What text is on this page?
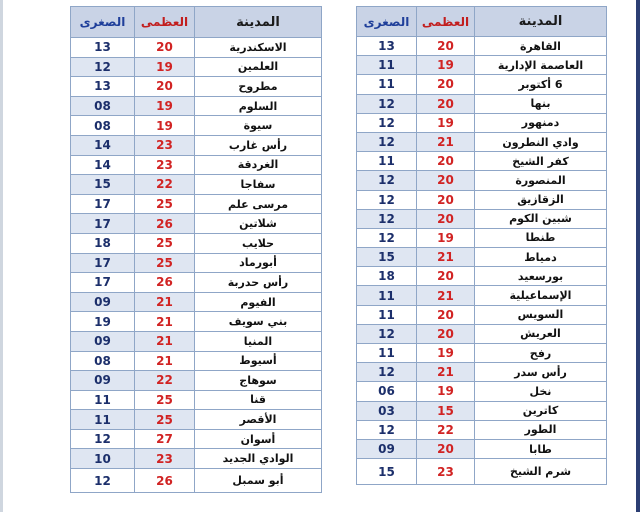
المدينة	العظمى	الصغرى
القاهرة	20	13
العاصمة الإدارية	19	11
6 أكتوبر	20	11
بنها	20	12
دمنهور	19	12
وادي النطرون	21	12
كفر الشيخ	20	11
المنصورة	20	12
الزقازيق	20	12
شبين الكوم	20	12
طنطا	19	12
دمياط	21	15
بورسعيد	20	18
الإسماعيلية	21	11
السويس	20	11
العريش	20	12
رفح	19	11
رأس سدر	21	12
نخل	19	06
كاترين	15	03
الطور	22	12
طابا	20	09
شرم الشيخ	23	15
المدينة	العظمى	الصغرى
الاسكندرية	20	13
العلمين	19	12
مطروح	20	13
السلوم	19	08
سيوة	19	08
رأس غارب	23	14
الغردقة	23	14
سفاجا	22	15
مرسى علم	25	17
شلاتين	26	17
حلايب	25	18
أبورماد	25	17
رأس حدربة	26	17
الفيوم	21	09
بني سويف	21	19
المنيا	21	09
أسيوط	21	08
سوهاج	22	09
قنا	25	11
الأقصر	25	11
أسوان	27	12
الوادي الجديد	23	10
أبو سمبل	26	12
